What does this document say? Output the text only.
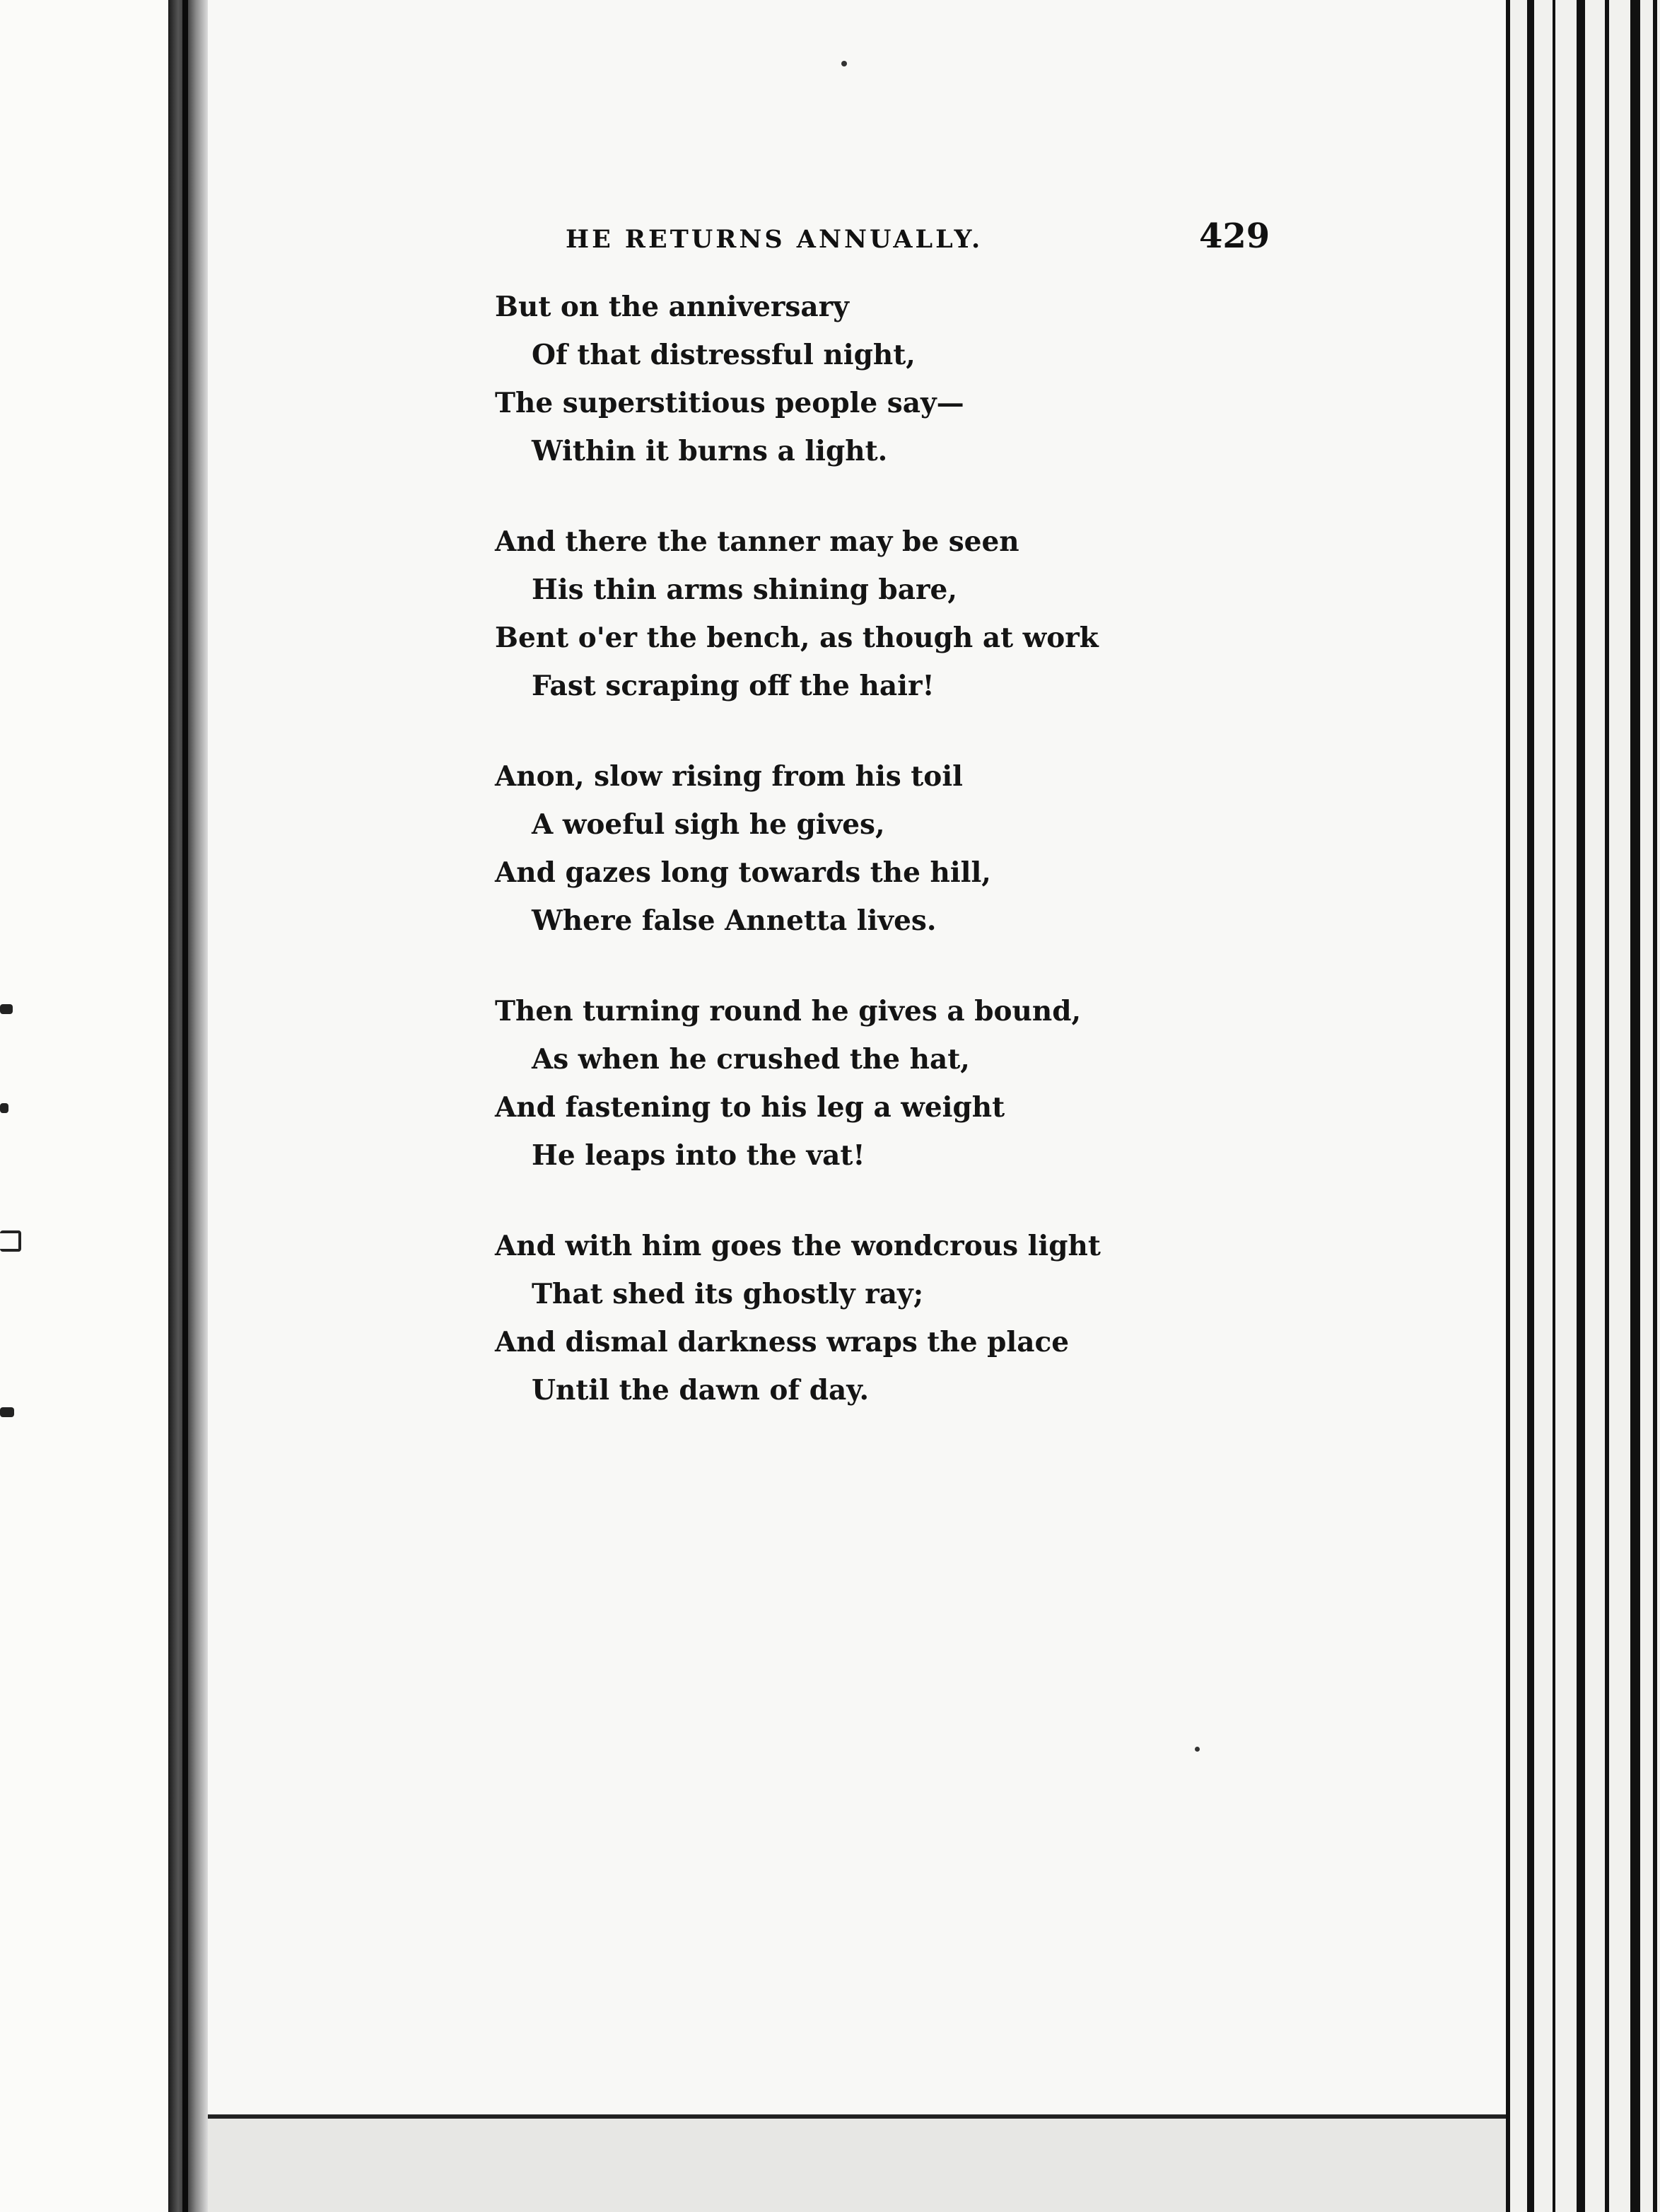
HE RETURNS ANNUALLY.	429
But on the anniversary
Of that distressful night,
The superstitious people say—
Within it burns a light.
And there the tanner may be seen
His thin arms shining bare,
Bent o'er the bench, as though at work
Fast scraping off the hair!
Anon, slow rising from his toil
A woeful sigh he gives,
And gazes long towards the hill,
Where false Annetta lives.
Then turning round he gives a bound,
As when he crushed the hat,
And fastening to his leg a weight
He leaps into the vat!
And with him goes the wondcrous light
That shed its ghostly ray;
And dismal darkness wraps the place
Until the dawn of day.
